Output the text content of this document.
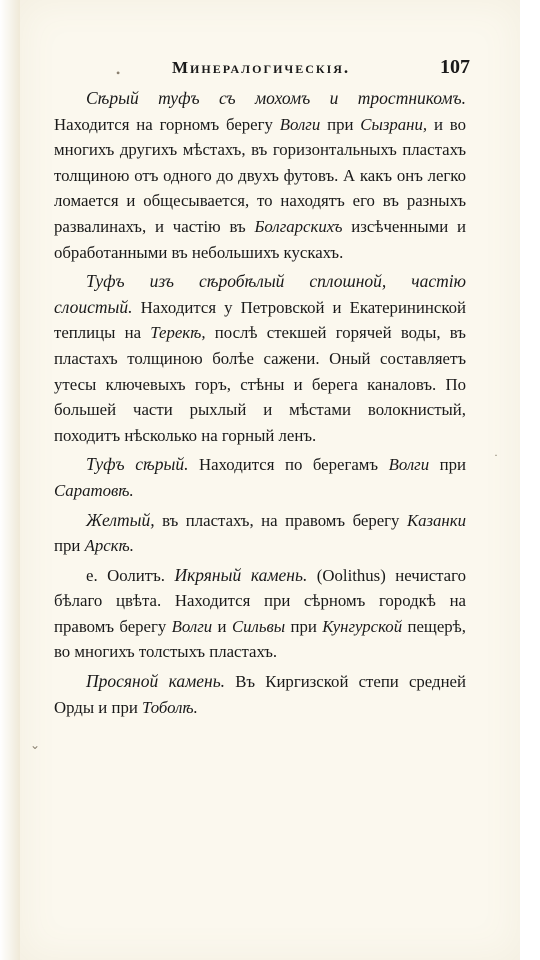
•
⌄
·
Минералогическія.	107

Сѣрый туфъ съ мохомъ и тростникомъ. Находится на горномъ берегу Волги при Сызрани, и во многихъ другихъ мѣстахъ, въ горизонтальныхъ пластахъ толщиною отъ одного до двухъ футовъ. А какъ онъ легко ломается и общесывается, то находятъ его въ разныхъ развалинахъ, и частію въ Болгарскихъ изсѣченными и обработанными въ небольшихъ кускахъ.

Туфъ изъ сѣробѣлый сплошной, частію слоистый. Находится у Петровской и Екатерининской теплицы на Терекѣ, послѣ стекшей горячей воды, въ пластахъ толщиною болѣе сажени. Оный составляетъ утесы ключевыхъ горъ, стѣны и берега каналовъ. По большей части рыхлый и мѣстами волокнистый, походитъ нѣсколько на горный ленъ.

Туфъ сѣрый. Находится по берегамъ Волги при Саратовѣ.

Желтый, въ пластахъ, на правомъ берегу Казанки при Арскѣ.

е. Оолитъ. Икряный камень. (Oolithus) нечистаго бѣлаго цвѣта. Находится при сѣрномъ городкѣ на правомъ берегу Волги и Сильвы при Кунгурской пещерѣ, во многихъ толстыхъ пластахъ.

Просяной камень. Въ Киргизской степи средней Орды и при Тоболѣ.
